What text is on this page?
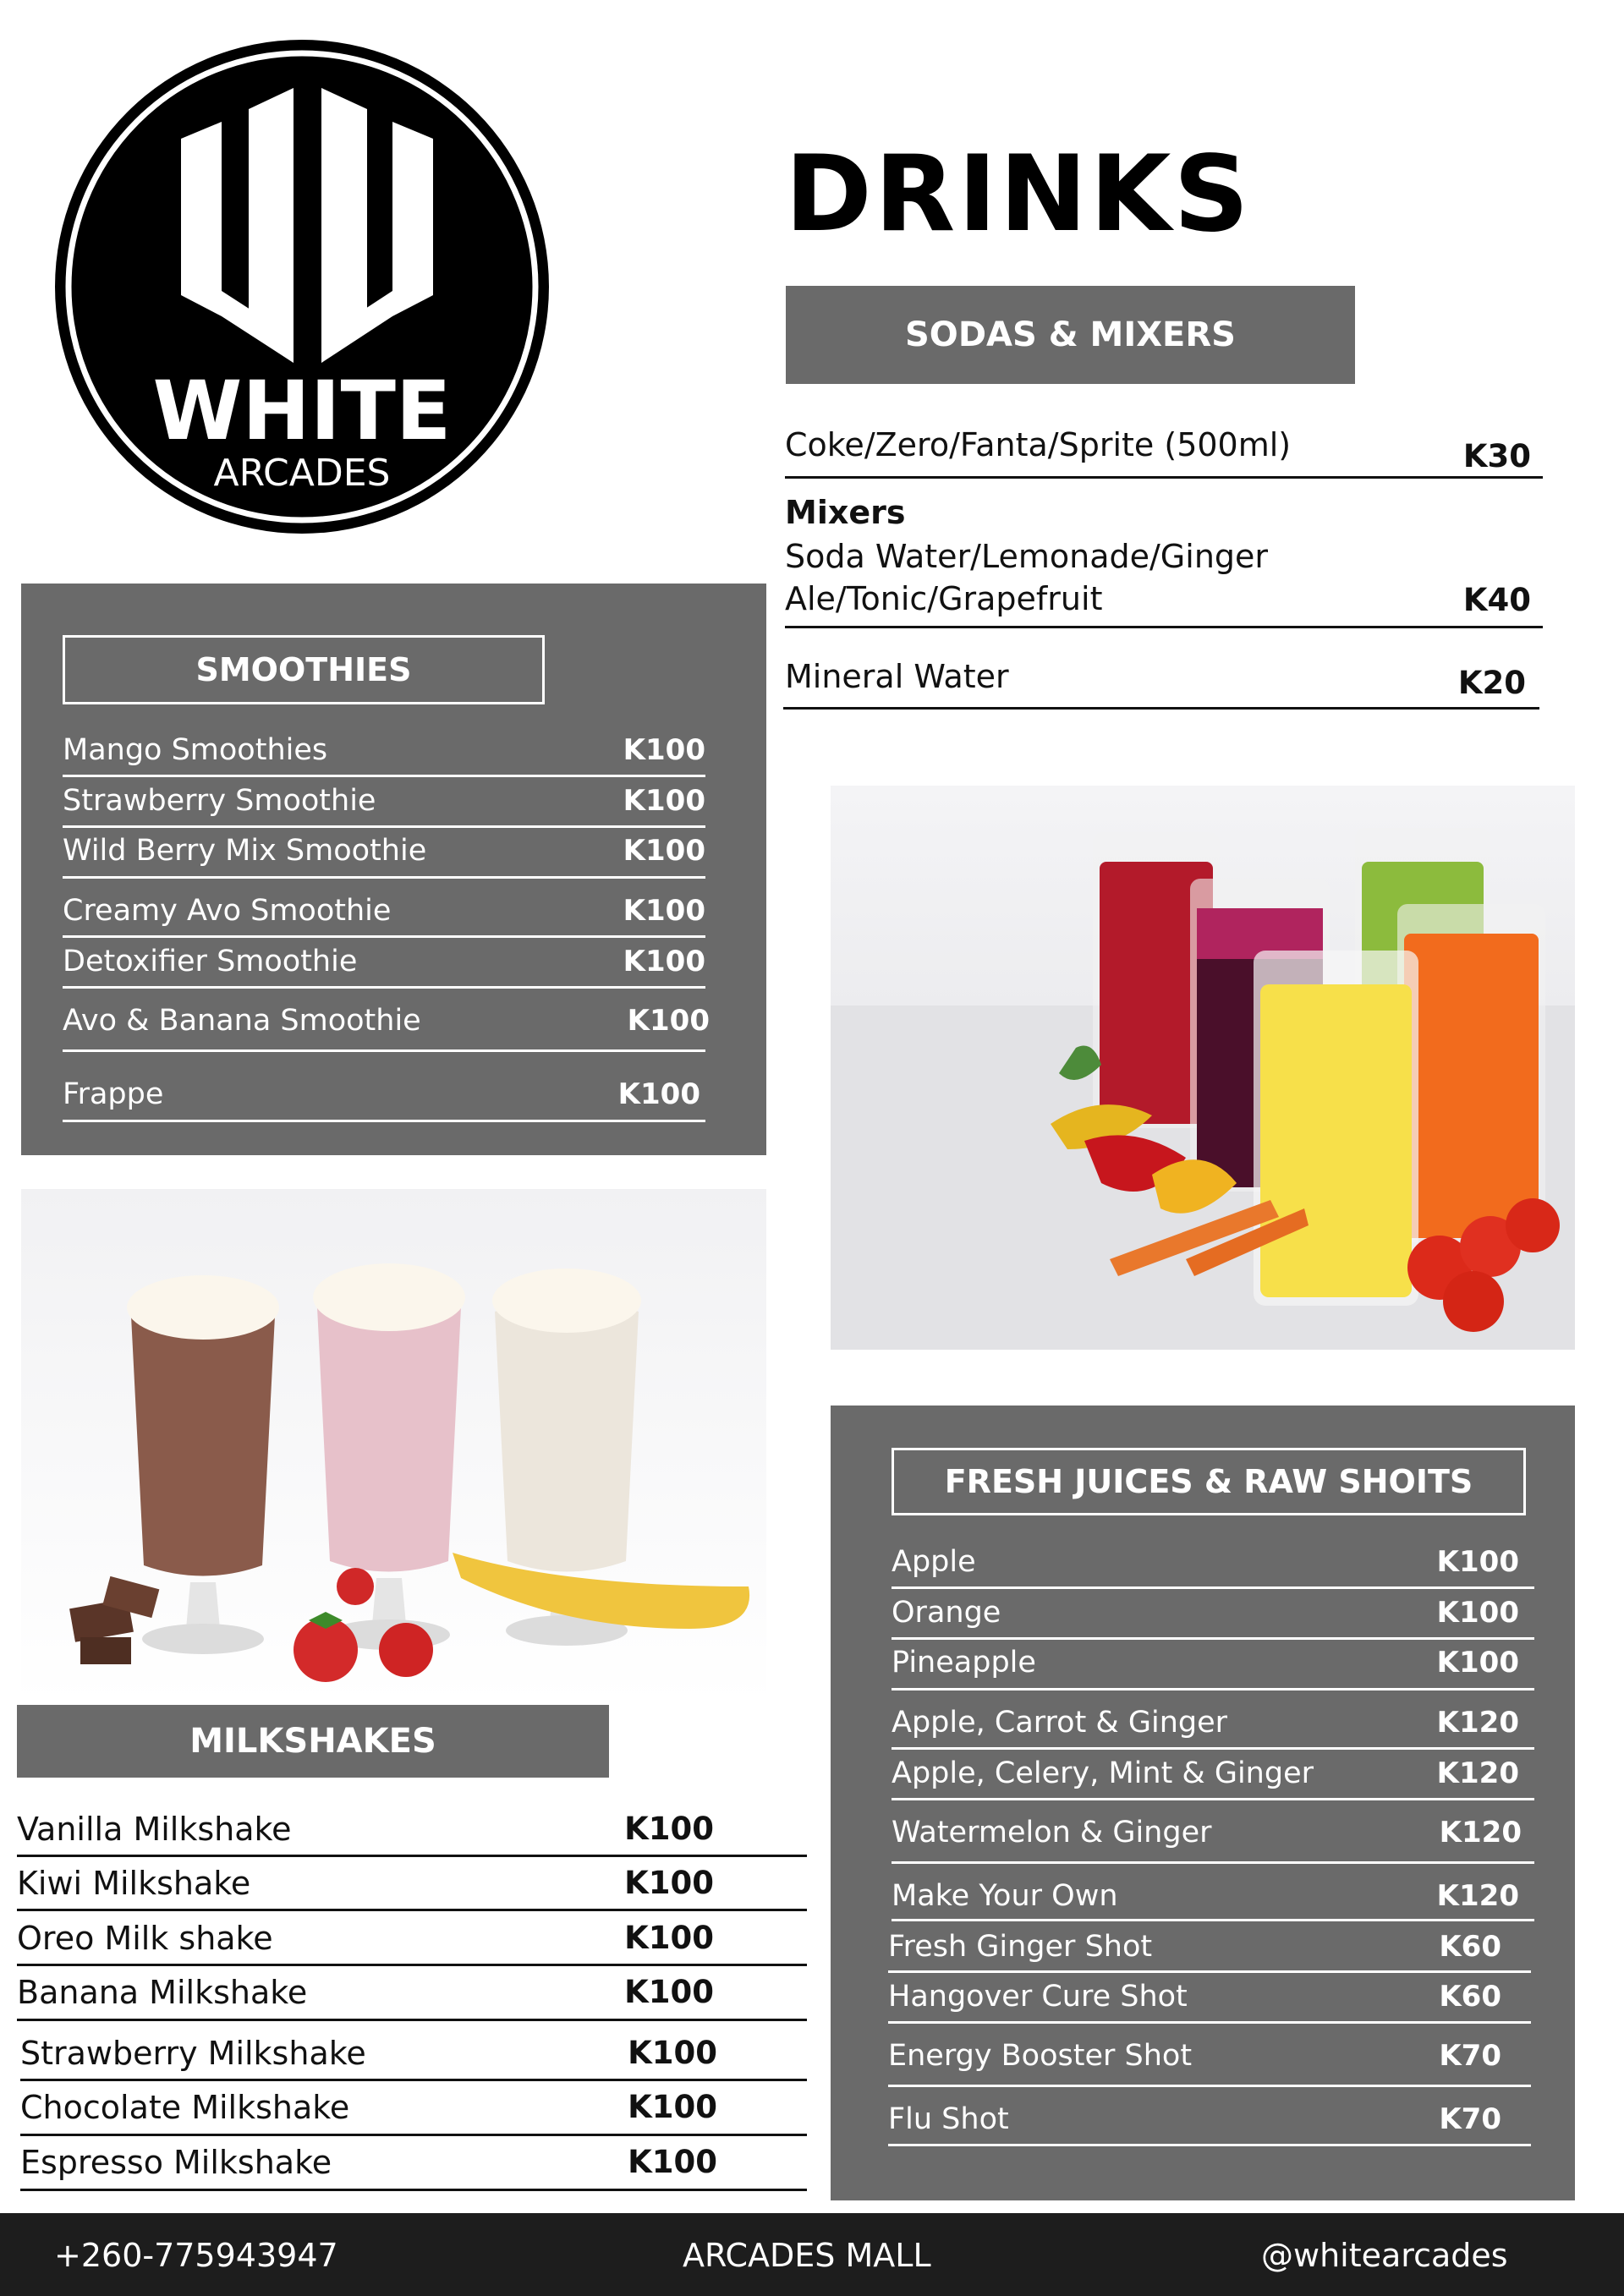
WHITE
ARCADES
DRINKS
SODAS & MIXERS
Coke/Zero/Fanta/Sprite (500ml)	K30
Mixers
Soda Water/Lemonade/Ginger
Ale/Tonic/Grapefruit	K40
Mineral Water	K20
SMOOTHIES
Mango Smoothies	K100
Strawberry Smoothie	K100
Wild Berry Mix Smoothie	K100
Creamy Avo Smoothie	K100
Detoxifier Smoothie	K100
Avo & Banana Smoothie	K100
Frappe	K100
MILKSHAKES
Vanilla Milkshake	K100
Kiwi Milkshake	K100
Oreo Milk shake	K100
Banana Milkshake	K100
Strawberry Milkshake	K100
Chocolate Milkshake	K100
Espresso Milkshake	K100
FRESH JUICES & RAW SHOITS
Apple	K100
Orange	K100
Pineapple	K100
Apple, Carrot & Ginger	K120
Apple, Celery, Mint & Ginger	K120
Watermelon & Ginger	K120
Make Your Own	K120
Fresh Ginger Shot	K60
Hangover Cure Shot	K60
Energy Booster Shot	K70
Flu Shot	K70
+260-775943947	ARCADES MALL	@whitearcades
